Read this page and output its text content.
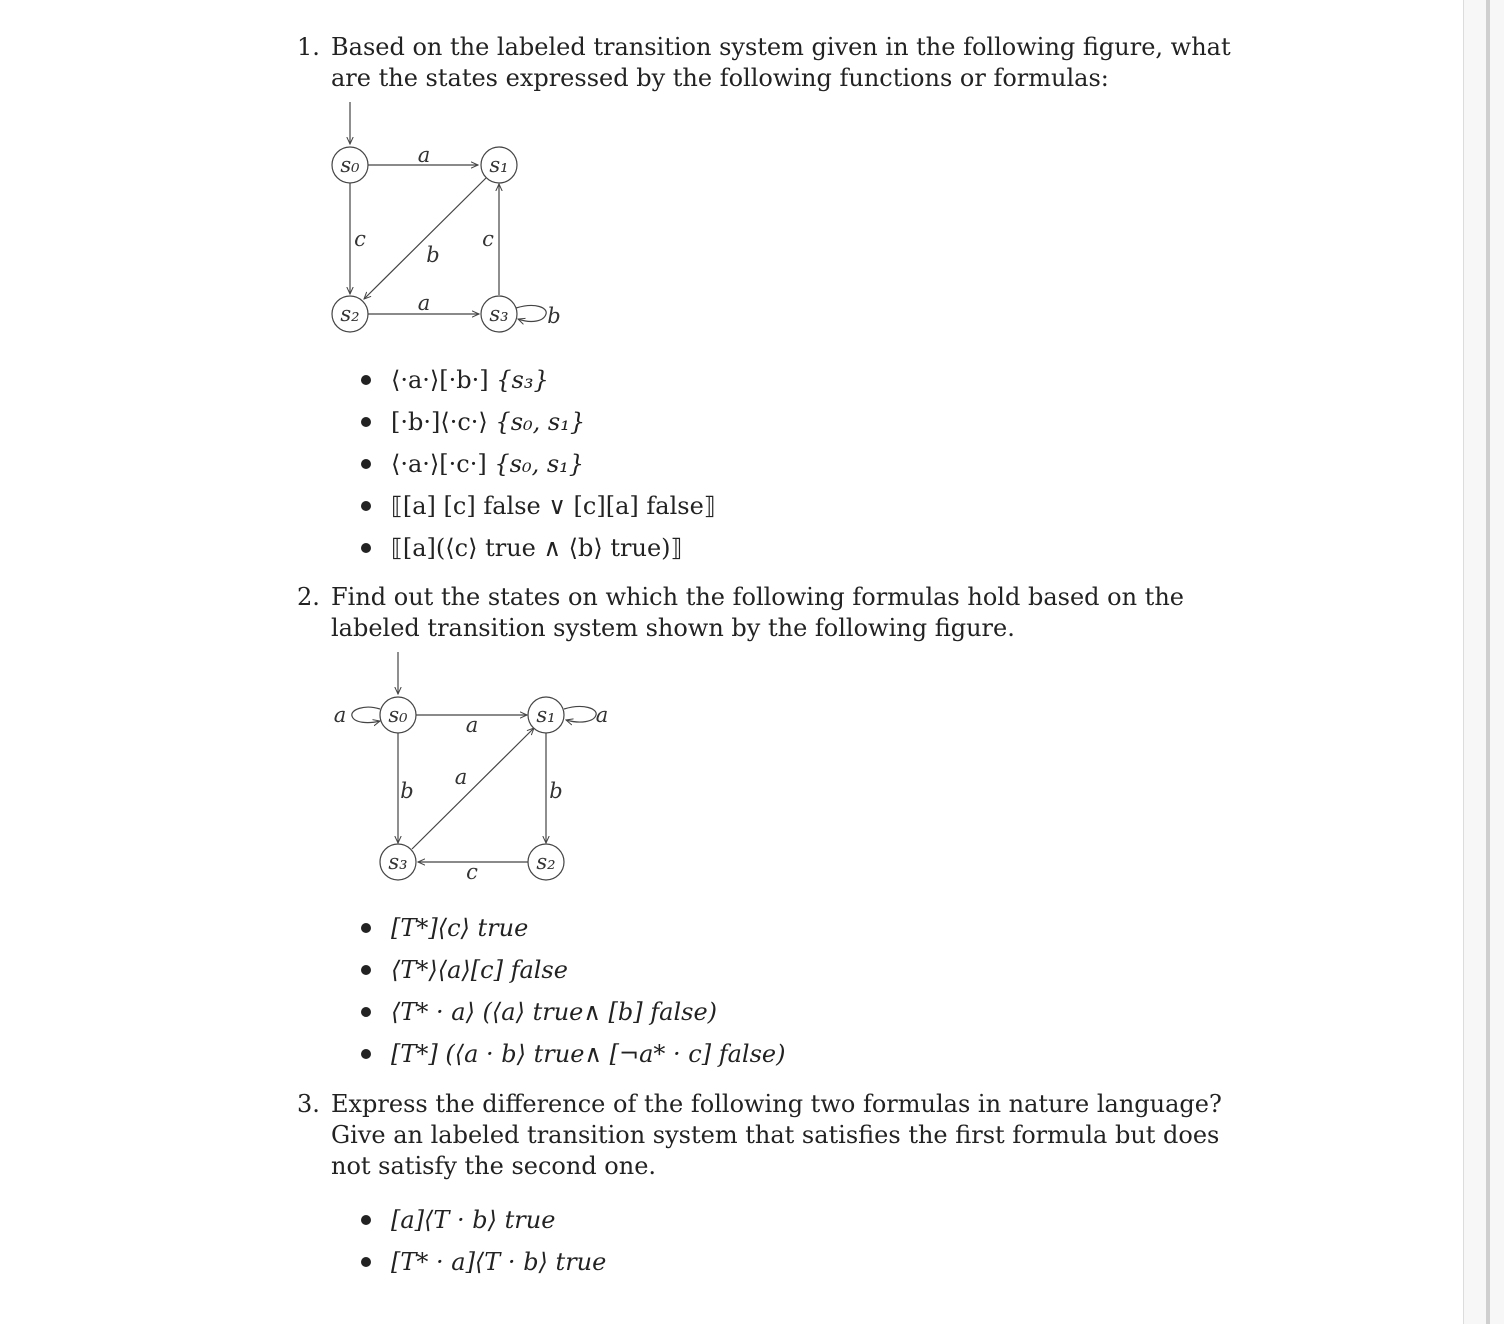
1. Based on the labeled transition system given in the following figure, what
are the states expressed by the following functions or formulas:
s₀	s₁
s₂	s₃
a
c
b
c
a
b
⟨·a·⟩[·b·] {s₃}
[·b·]⟨·c·⟩ {s₀, s₁}
⟨·a·⟩[·c·] {s₀, s₁}
⟦[a] [c] false ∨ [c][a] false⟧
⟦[a](⟨c⟩ true ∧ ⟨b⟩ true)⟧
2. Find out the states on which the following formulas hold based on the
labeled transition system shown by the following figure.
s₀	s₁
s₃	s₂
a	a	a
a
b	b
c
[T*]⟨c⟩ true
⟨T*⟩⟨a⟩[c] false
⟨T* · a⟩ (⟨a⟩ true∧ [b] false)
[T*] (⟨a · b⟩ true∧ [¬a* · c] false)
3. Express the difference of the following two formulas in nature language?
Give an labeled transition system that satisfies the first formula but does
not satisfy the second one.
[a]⟨T · b⟩ true
[T* · a]⟨T · b⟩ true
